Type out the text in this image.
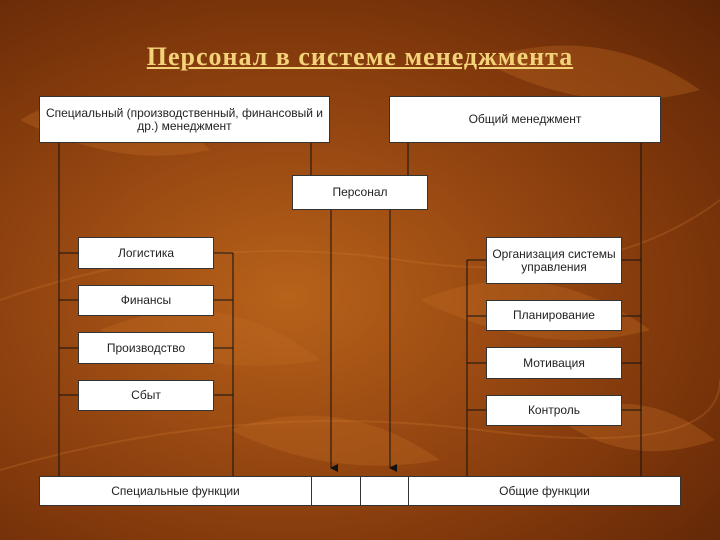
Персонал в системе менеджмента
Специальный (производственный, финансовый и др.) менеджмент	Общий менеджмент
Персонал
Логистика
Финансы
Производство
Сбыт
Организация системы управления
Планирование
Мотивация
Контроль
Специальные функции	Общие функции
